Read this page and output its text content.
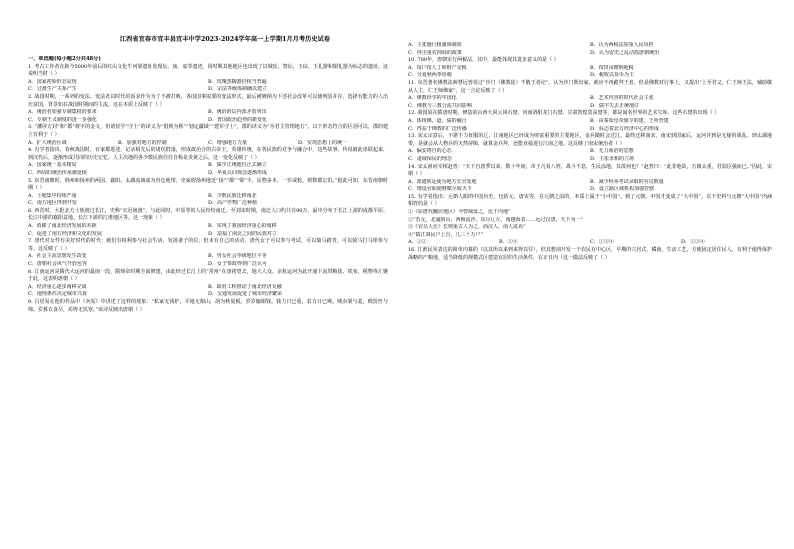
江西省宜春市宜丰县宜丰中学2023-2024学年高一上学期1月月考历史试卷
一、单选题(每小题2分共48分)
1. 考古工作者在距今5000年前后的红山文化牛河梁遗址发现坛、庙、冢等遗迹，同时期其他地区也出现了以城址、祭坛、玉琮、玉礼器和铜礼器为标志的遗址，这说明当时（ ）
A．国家初始形态显现	B．玫瑰黑陶器仍相当普遍
C．过渡生产关系产生	D．宗法等级体制确以建立
2. 战国时期，一系列的变法、变法者以时代的诉求作为为了不被打败，各国国事需要的变法形式，最后被吸纳为下述社会改革可以使列国并存，选择有能力的人出仕富国，背景如在战国时期间的主流，这在本质上反映了（ ）
A．统治者加强专制集权的要求	B．统治阶层内部矛盾突出
C．专制王义制度的进一步强化	D．普国政治趋势的新变化
3. “藩屏方封”和“郡”将字的金文，但诸侯学“守土”的译义为“借到为称”“划定疆域”“建军守土”，郡的译义为“为君主管理地方”。以下形态符合的区别可以，郡的建立有利于（ ）
A．扩大统治区域	B．加强对地方的控制	C．增强地方力量	D．实现思想上的统一
4. 有学者指出，春秋战国时，百家都进述，记录相先后的诸侯群落，形成政治合的古帝王、英雄传统，在各民族的竞争与融合中，这些故事，传说被此串联起来，到汉代后，逐渐形成共同的历史记忆，人主次地的各少数民族往往自称是炎黄之后，这一变化反映了（ ）
A．国家统一基本精局	B．儒学正统地位正式确立
C．西周的统治传承被延续	D．华夏认同观念逐渐形成
5. 东晋南朝时，荆州和扬州的两国、襄阳、太湖流域成为谷仓地带，史家谓扬州地近“扬”“都”“粟”丰，民物多本，一岁或稔，则数郡忘饥。”据此可知，东晋南朝时期（ ）
A．土地集中持续严重	B．少数民族迁移南北
C．南方地区得到开发	D．高产作物广泛种植
6. 西晋时，大批北方士族渡过长江，史称“衣冠南渡”。与此同时，中原等的人民纷纷南迁。至刘宋时期，南迁人口约共有90万，最中分布于长江上游的成都平原、长江中游的襄阳盆地、长江下游的江淮地区等。这一现象（ ）
A．消除了南北经济发展的差距	B．实现了我国经济重心的南移
C．促进了南方经济和文化的发展	D．造福了南北之间的民族对立
7. 唐代对女性有美好时代的时代：她们有权利参与社会生活，发扬妻子的位，但未有自己的活动，唐代女子可以参与考试，可以骑马踏青，可以骑马打马球参与等。这反映了（ ）
A．社会主流思想发生改变	B．男女社会等级地位平等
C．唐朝社会风气开放包容	D．女子参政得到广泛认可
8. 江南运河是隋代大运河的最南一段，隋炀帝时期全面修建，由此经过长江上的“常州”在唐初望去，地大人众。京杭运河为此开通下流带粮盐、铁布、税物等汇聚于此，这表明唐朝（ ）
A．经济重心逐步南移完成	B．政府工程推动了南北经济交融
C．地理条件决定城市兴衰	D．交通发展促进了城市经济繁荣
9. 白居易在他的作品中《卖炭》中讲述了这样的现象：“私家无钱炉，平地无铜山，胡为秋夏税，岁岁输铜钱。钱力日已重，农力日已殚。贱卖粟与麦，贱贸丝与绵。岁暮衣食尽，焉得无饥寒。”该诗反映出唐朝（ ）
A．主张施行租庸调制度	B．认为两税法加重人民负担
C．抨击重农抑商的政策	D．认为安史之乱动摇唐朝统治
10. 780年，唐朝实行两税法，其中，最能体现其进步意义的是（ ）
A．每户按人丁和财产交税	B．按田亩缴纳地税
C．分夏秋两季征税	D．税收以货币为主
11. 东晋著名佛教法师慧远曾说过“沙门（佛教徒）不敬王者论”，认为沙门既出家，就应不再跪拜王者。但是佛教对行事上，又提出“上至君父，仁王师王法，辅助敬从人主，仁王师佛家”，这一言论反映了（ ）
A．佛教经学的中国化	B．艺术内容的时代社会主张
C．佛教与三教合流共同影响	D．儒学失去正统地位
12. 我国原在隋唐时期，修造的山西大同云冈石窟、河南洛阳龙门石窟、甘肃敦煌莫高窟等，都是闻名世界的艺术宝库。这些石窟的出现（ ）
A．体现佛、道、儒的融合	B．由秦始皇帝颁令的建、王所营建
C．得益于佛教的广泛传播	D．标志着北方经济中心的形成
13. 宋太宗意后，不堪不力征服的辽，江南地区已经成为财富重要的主要地区，金兵随时会过江，最终迁移南宋，南宋到国家后，运河并到是无疑的战乱，到太湖地带，是就会从人物兵的天然屏障，就算金兵拜，还能直接进行江南之地。这反映了南宋统治者（ ）
A．偏安将自的心态	B．无力而治的思想
C．退域保民的理念	D．主张求和的立场
14. 宋太祖问宰相赵普：“天下自唐季以来，数十年间，帝王凡易八姓，战斗不息，生民涂地，其故何也？”赵普曰：“此非他故，方镇太重，君弱臣强而已。”因此，宋朝（ ）
A．派遣转运使为地方长官处地	B．减少科举考试录取的官员数量
C．增设官职使财赋尽收天下	D．设立路区域机构加强管辖
15. 有学者指出：元朝人眼的中国历史，包括元、唐宋等，在元朝之前的，本质上属于“小中国”。到了元朝，中国才变成了“大中国”。以下史料与元朝“大中国”内涵相符的是（ ）
①《原唐代翻居地区》今曾域设之，比千内地”
②“若元，北逾阴山，西极流沙，东尽辽左，南越海表……远过汉唐，天下为一”
③《官员人仕》长则重古人为之，而汉人、南人贰焉”
④“镇江调民户上百，几三十万户”
A．①②	B．②④	C．①③④	D．②③④
16. 江淮民风表达的简单内幕的（以其所以来到来得以往），但其想别开发一个农民有中心区，早期的穴居式，橘南，生活工艺，方便固定居住民人，有利于使得保护战略的产粮地，适当降低的规模式区建造宜居的生活条件，在正日内（这一做法反映了（ ）
